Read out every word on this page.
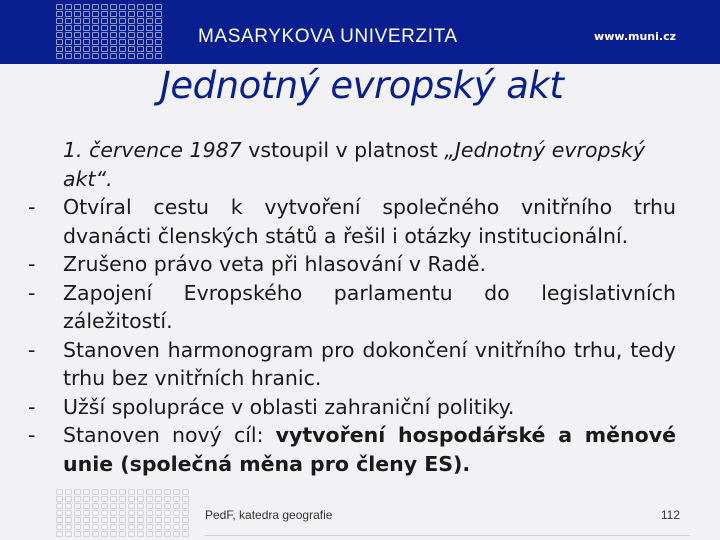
MASARYKOVA UNIVERZITA	www.muni.cz
Jednotný evropský akt
1. července 1987 vstoupil v platnost „Jednotný evropský akt“.
- Otvíral cestu k vytvoření společného vnitřního trhu dvanácti členských států a řešil i otázky institucionální.
- Zrušeno právo veta při hlasování v Radě.
- Zapojení Evropského parlamentu do legislativních záležitostí.
- Stanoven harmonogram pro dokončení vnitřního trhu, tedy trhu bez vnitřních hranic.
- Užší spolupráce v oblasti zahraniční politiky.
- Stanoven nový cíl: vytvoření hospodářské a měnové unie (společná měna pro členy ES).
PedF, katedra geografie	112
